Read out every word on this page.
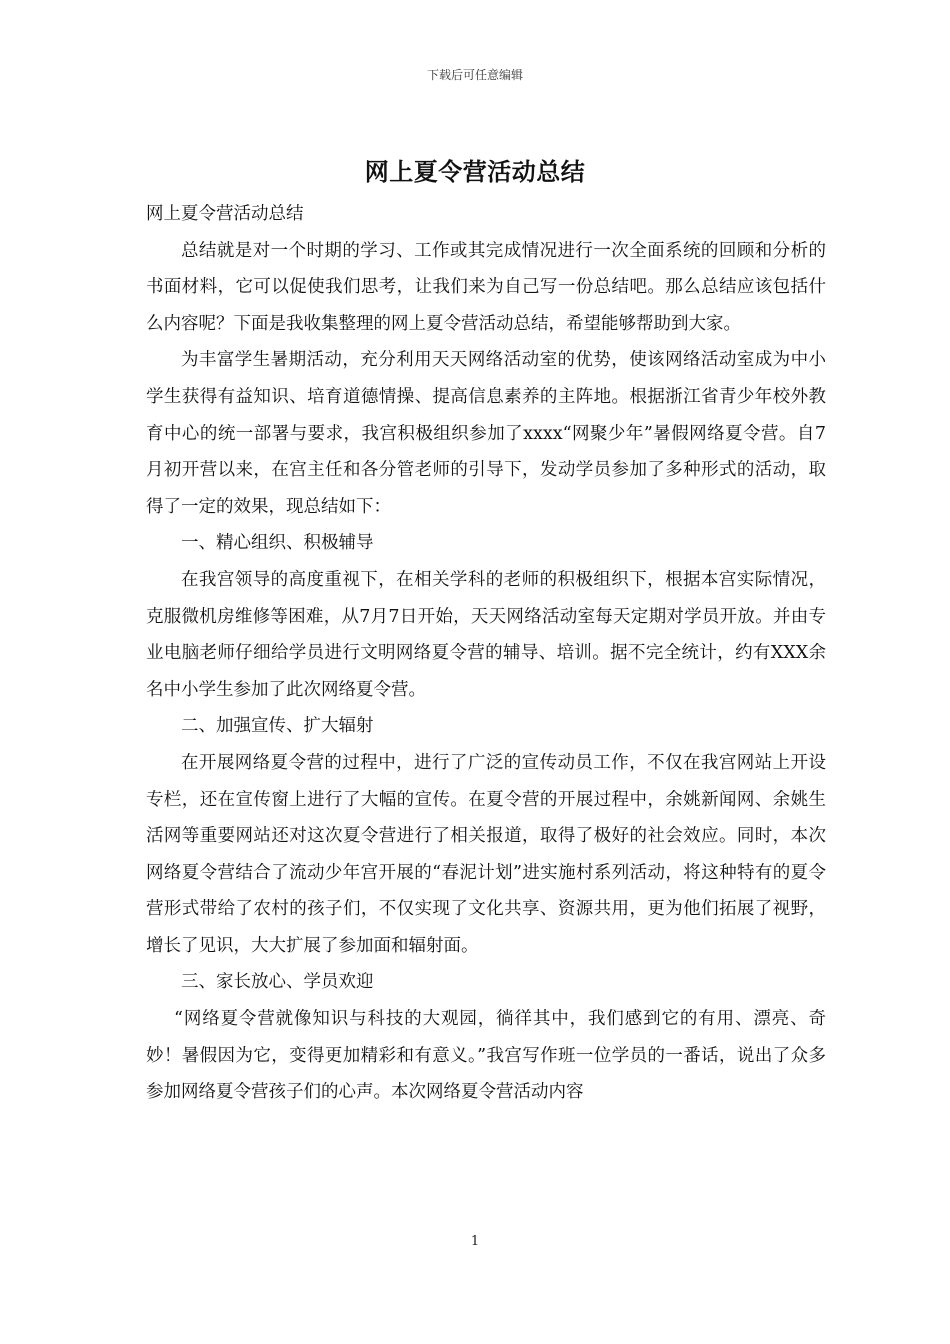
下载后可任意编辑
网上夏令营活动总结

网上夏令营活动总结

总结就是对一个时期的学习、工作或其完成情况进行一次全面系统的回顾和分析的书面材料，它可以促使我们思考，让我们来为自己写一份总结吧。那么总结应该包括什么内容呢？下面是我收集整理的网上夏令营活动总结，希望能够帮助到大家。

为丰富学生暑期活动，充分利用天天网络活动室的优势，使该网络活动室成为中小学生获得有益知识、培育道德情操、提高信息素养的主阵地。根据浙江省青少年校外教育中心的统一部署与要求，我宫积极组织参加了xxxx“网聚少年”暑假网络夏令营。自7月初开营以来，在宫主任和各分管老师的引导下，发动学员参加了多种形式的活动，取得了一定的效果，现总结如下：

一、精心组织、积极辅导

在我宫领导的高度重视下，在相关学科的老师的积极组织下，根据本宫实际情况，克服微机房维修等困难，从7月7日开始，天天网络活动室每天定期对学员开放。并由专业电脑老师仔细给学员进行文明网络夏令营的辅导、培训。据不完全统计，约有XXX余名中小学生参加了此次网络夏令营。

二、加强宣传、扩大辐射

在开展网络夏令营的过程中，进行了广泛的宣传动员工作，不仅在我宫网站上开设专栏，还在宣传窗上进行了大幅的宣传。在夏令营的开展过程中，余姚新闻网、余姚生活网等重要网站还对这次夏令营进行了相关报道，取得了极好的社会效应。同时，本次网络夏令营结合了流动少年宫开展的“春泥计划”进实施村系列活动，将这种特有的夏令营形式带给了农村的孩子们，不仅实现了文化共享、资源共用，更为他们拓展了视野，增长了见识，大大扩展了参加面和辐射面。

三、家长放心、学员欢迎

“网络夏令营就像知识与科技的大观园，徜徉其中，我们感到它的有用、漂亮、奇妙！暑假因为它，变得更加精彩和有意义。”我宫写作班一位学员的一番话，说出了众多参加网络夏令营孩子们的心声。本次网络夏令营活动内容

1
